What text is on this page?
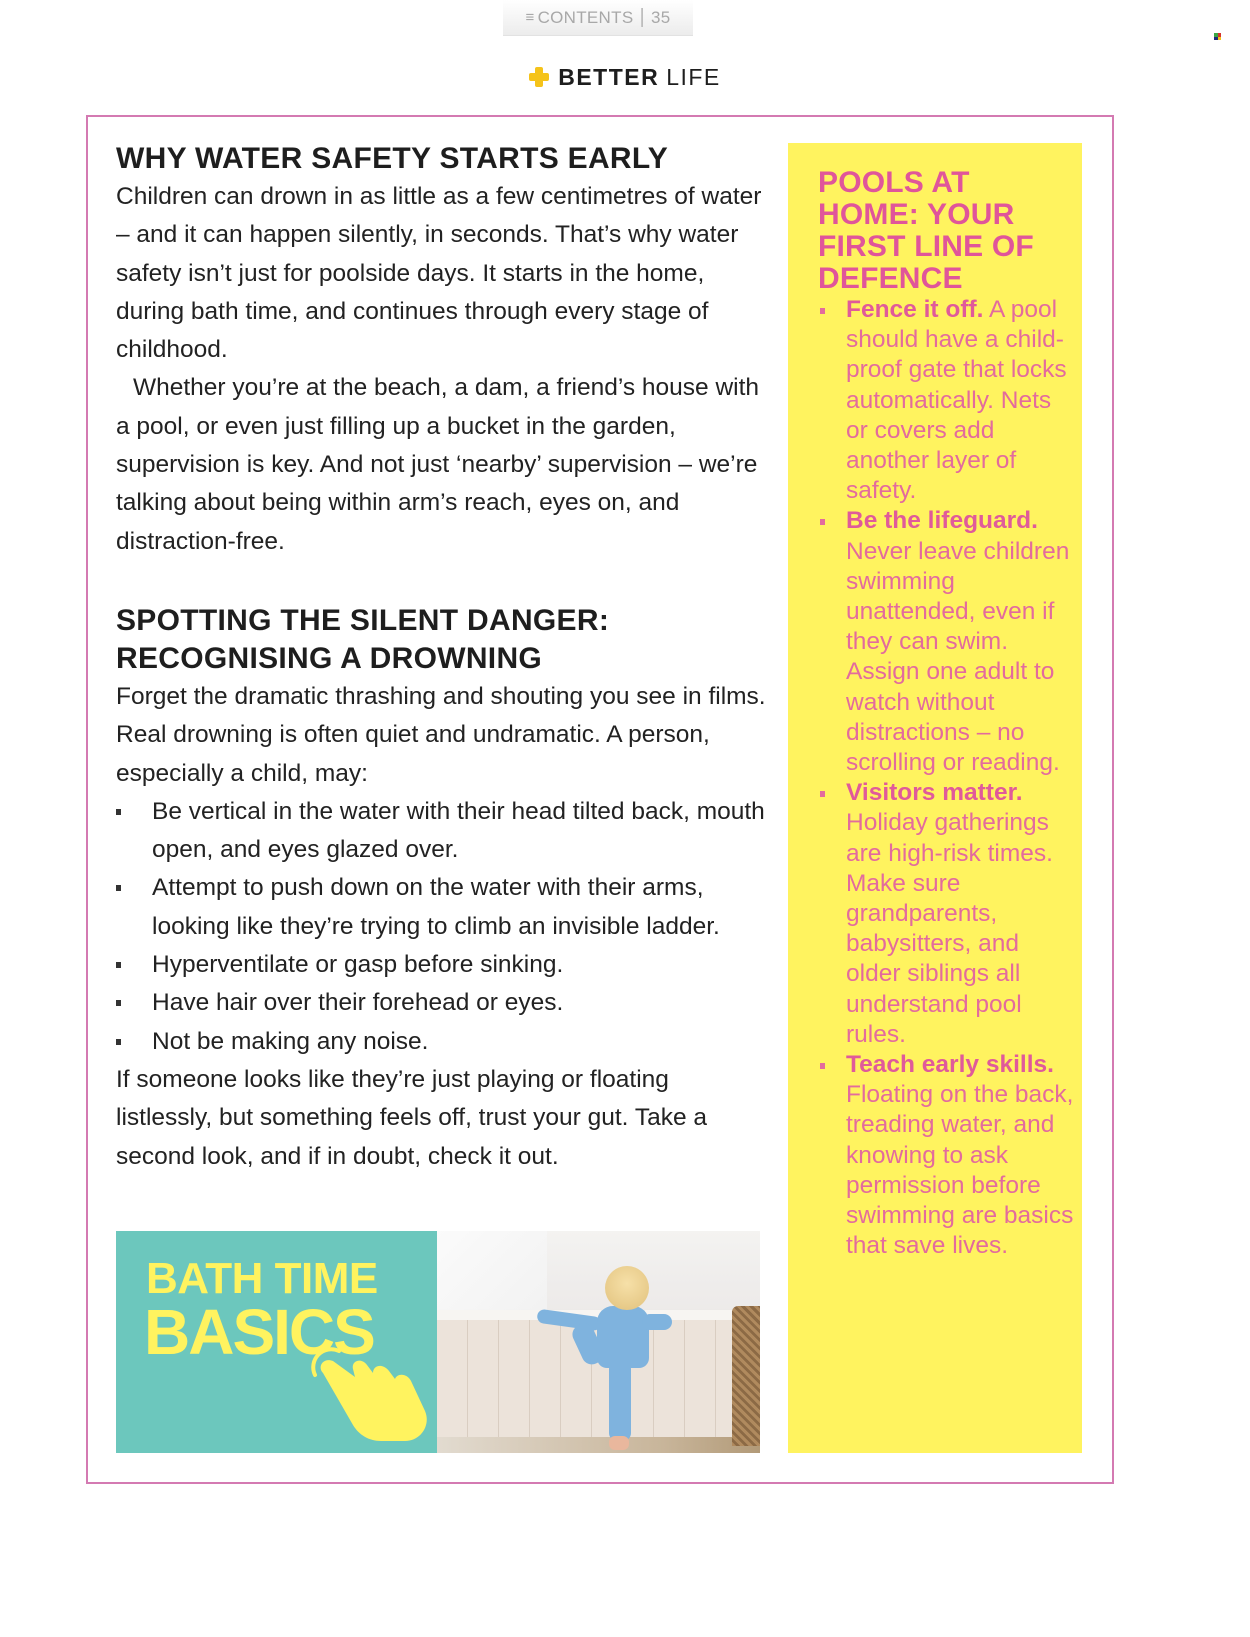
≡ CONTENTS | 35
BETTER LIFE
WHY WATER SAFETY STARTS EARLY

Children can drown in as little as a few centimetres of water – and it can happen silently, in seconds. That’s why water safety isn’t just for poolside days. It starts in the home, during bath time, and continues through every stage of childhood.

Whether you’re at the beach, a dam, a friend’s house with a pool, or even just filling up a bucket in the garden, supervision is key. And not just ‘nearby’ supervision – we’re talking about being within arm’s reach, eyes on, and distraction-free.

SPOTTING THE SILENT DANGER:
RECOGNISING A DROWNING

Forget the dramatic thrashing and shouting you see in films. Real drowning is often quiet and undramatic. A person, especially a child, may:

Be vertical in the water with their head tilted back, mouth open, and eyes glazed over.
Attempt to push down on the water with their arms, looking like they’re trying to climb an invisible ladder.
Hyperventilate or gasp before sinking.
Have hair over their forehead or eyes.
Not be making any noise.

If someone looks like they’re just playing or floating listlessly, but something feels off, trust your gut. Take a second look, and if in doubt, check it out.

BATH TIME
BASICS
POOLS AT HOME: YOUR FIRST LINE OF DEFENCE
Fence it off. A pool should have a child-proof gate that locks automatically. Nets or covers add another layer of safety.
Be the lifeguard.
Never leave children swimming unattended, even if they can swim. Assign one adult to watch without distractions – no scrolling or reading.
Visitors matter.
Holiday gatherings are high-risk times. Make sure grandparents, babysitters, and older siblings all understand pool rules.
Teach early skills. Floating on the back, treading water, and knowing to ask permission before swimming are basics that save lives.
